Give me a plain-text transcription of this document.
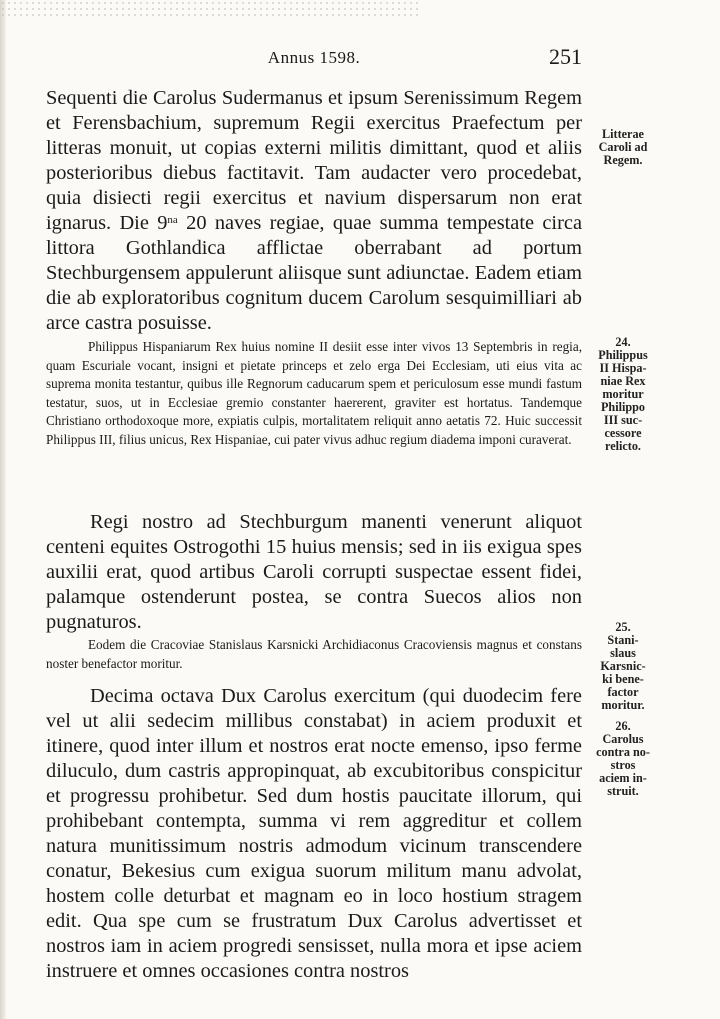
Annus 1598.	251

Sequenti die Carolus Sudermanus et ipsum Serenissimum Regem et Ferensbachium, supremum Regii exercitus Praefectum per litteras monuit, ut copias externi militis dimittant, quod et aliis posterioribus diebus factitavit. Tam audacter vero procedebat, quia disiecti regii exercitus et navium dispersarum non erat ignarus. Die $9^{na}$ 20 naves regiae, quae summa tempestate circa littora Gothlandica afflictae oberrabant ad portum Stechburgensem appulerunt aliisque sunt adiunctae. Eadem etiam die ab exploratoribus cognitum ducem Carolum sesquimilliari ab arce castra posuisse.

Philippus Hispaniarum Rex huius nomine II desiit esse inter vivos 13 Septembris in regia, quam Escuriale vocant, insigni et pietate princeps et zelo erga Dei Ecclesiam, uti eius vita ac suprema monita testantur, quibus ille Regnorum caducarum spem et periculosum esse mundi fastum testatur, suos, ut in Ecclesiae gremio constanter haererent, graviter est hortatus. Tandemque Christiano orthodoxoque more, expiatis culpis, mortalitatem reliquit anno aetatis 72. Huic successit Philippus III, filius unicus, Rex Hispaniae, cui pater vivus adhuc regium diadema imponi curaverat.

Regi nostro ad Stechburgum manenti venerunt aliquot centeni equites Ostrogothi 15 huius mensis; sed in iis exigua spes auxilii erat, quod artibus Caroli corrupti suspectae essent fidei, palamque ostenderunt postea, se contra Suecos alios non pugnaturos.

Eodem die Cracoviae Stanislaus Karsnicki Archidiaconus Cracoviensis magnus et constans noster benefactor moritur.

Decima octava Dux Carolus exercitum (qui duodecim fere vel ut alii sedecim millibus constabat) in aciem produxit et itinere, quod inter illum et nostros erat nocte emenso, ipso ferme diluculo, dum castris appropinquat, ab excubitoribus conspicitur et progressu prohibetur. Sed dum hostis paucitate illorum, qui prohibebant contempta, summa vi rem aggreditur et collem natura munitissimum nostris admodum vicinum transcendere conatur, Bekesius cum exigua suorum militum manu advolat, hostem colle deturbat et magnam eo in loco hostium stragem edit. Qua spe cum se frustratum Dux Carolus advertisset et nostros iam in aciem progredi sensisset, nulla mora et ipse aciem instruere et omnes occasiones contra nostros

Litterae
Caroli ad
Regem.
24.
Philippus
II Hispa-
niae Rex
moritur
Philippo
III suc-
cessore
relicto.
25.
Stani-
slaus
Karsnic-
ki bene-
factor
moritur.
26.
Carolus
contra no-
stros
aciem in-
struit.
